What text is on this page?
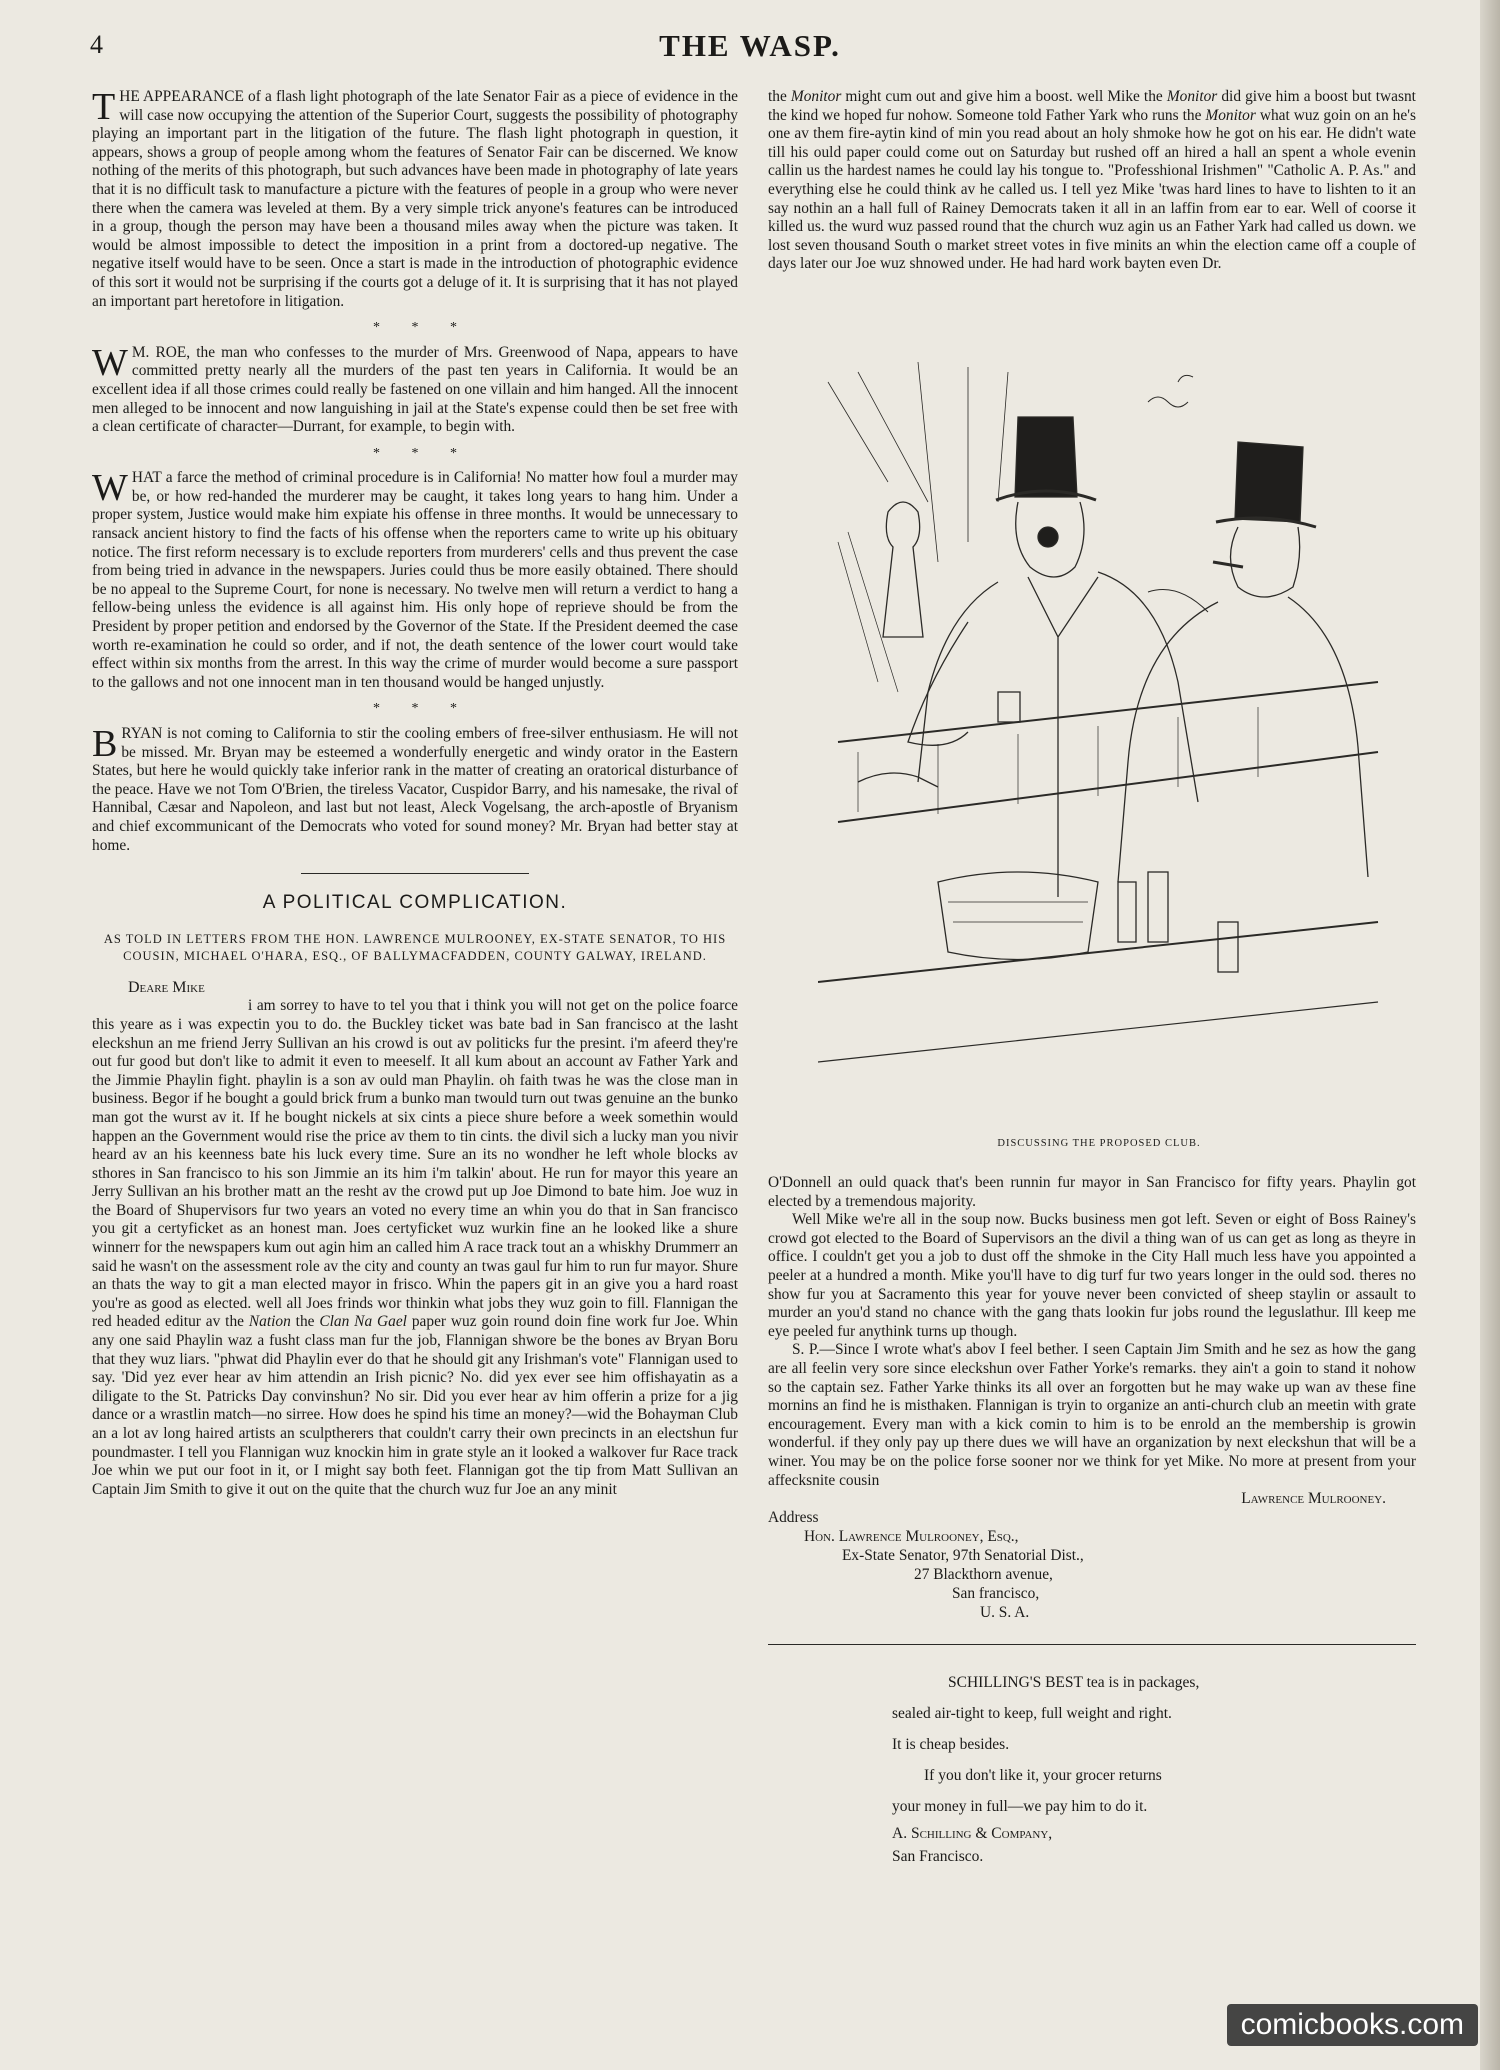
4	THE WASP.

THE APPEARANCE of a flash light photograph of the late Senator Fair as a piece of evidence in the will case now occupying the attention of the Superior Court, suggests the possibility of photography playing an important part in the litigation of the future. The flash light photograph in question, it appears, shows a group of people among whom the features of Senator Fair can be discerned. We know nothing of the merits of this photograph, but such advances have been made in photography of late years that it is no difficult task to manufacture a picture with the features of people in a group who were never there when the camera was leveled at them. By a very simple trick anyone's features can be introduced in a group, though the person may have been a thousand miles away when the picture was taken. It would be almost impossible to detect the imposition in a print from a doctored-up negative. The negative itself would have to be seen. Once a start is made in the introduction of photographic evidence of this sort it would not be surprising if the courts got a deluge of it. It is surprising that it has not played an important part heretofore in litigation.

* * *

W M. ROE, the man who confesses to the murder of Mrs. Greenwood of Napa, appears to have committed pretty nearly all the murders of the past ten years in California. It would be an excellent idea if all those crimes could really be fastened on one villain and him hanged. All the innocent men alleged to be innocent and now languishing in jail at the State's expense could then be set free with a clean certificate of character—Durrant, for example, to begin with.

* * *

WHAT a farce the method of criminal procedure is in California! No matter how foul a murder may be, or how red-handed the murderer may be caught, it takes long years to hang him. Under a proper system, Justice would make him expiate his offense in three months. It would be unnecessary to ransack ancient history to find the facts of his offense when the reporters came to write up his obituary notice. The first reform necessary is to exclude reporters from murderers' cells and thus prevent the case from being tried in advance in the newspapers. Juries could thus be more easily obtained. There should be no appeal to the Supreme Court, for none is necessary. No twelve men will return a verdict to hang a fellow-being unless the evidence is all against him. His only hope of reprieve should be from the President by proper petition and endorsed by the Governor of the State. If the President deemed the case worth re-examination he could so order, and if not, the death sentence of the lower court would take effect within six months from the arrest. In this way the crime of murder would become a sure passport to the gallows and not one innocent man in ten thousand would be hanged unjustly.

* * *

BRYAN is not coming to California to stir the cooling embers of free-silver enthusiasm. He will not be missed. Mr. Bryan may be esteemed a wonderfully energetic and windy orator in the Eastern States, but here he would quickly take inferior rank in the matter of creating an oratorical disturbance of the peace. Have we not Tom O'Brien, the tireless Vacator, Cuspidor Barry, and his namesake, the rival of Hannibal, Cæsar and Napoleon, and last but not least, Aleck Vogelsang, the arch-apostle of Bryanism and chief excommunicant of the Democrats who voted for sound money? Mr. Bryan had better stay at home.

A POLITICAL COMPLICATION.
AS TOLD IN LETTERS FROM THE HON. LAWRENCE MULROONEY, EX-STATE SENATOR, TO HIS COUSIN, MICHAEL O'HARA, ESQ., OF BALLYMACFADDEN, COUNTY GALWAY, IRELAND.
Deare Mike

i am sorrey to have to tel you that i think you will not get on the police foarce this yeare as i was expectin you to do. the Buckley ticket was bate bad in San francisco at the lasht eleckshun an me friend Jerry Sullivan an his crowd is out av politicks fur the presint. i'm afeerd they're out fur good but don't like to admit it even to meeself. It all kum about an account av Father Yark and the Jimmie Phaylin fight. phaylin is a son av ould man Phaylin. oh faith twas he was the close man in business. Begor if he bought a gould brick frum a bunko man twould turn out twas genuine an the bunko man got the wurst av it. If he bought nickels at six cints a piece shure before a week somethin would happen an the Government would rise the price av them to tin cints. the divil sich a lucky man you nivir heard av an his keenness bate his luck every time. Sure an its no wondher he left whole blocks av sthores in San francisco to his son Jimmie an its him i'm talkin' about. He run for mayor this yeare an Jerry Sullivan an his brother matt an the resht av the crowd put up Joe Dimond to bate him. Joe wuz in the Board of Shupervisors fur two years an voted no every time an whin you do that in San francisco you git a certyficket as an honest man. Joes certyficket wuz wurkin fine an he looked like a shure winnerr for the newspapers kum out agin him an called him A race track tout an a whiskhy Drummerr an said he wasn't on the assessment role av the city and county an twas gaul fur him to run fur mayor. Shure an thats the way to git a man elected mayor in frisco. Whin the papers git in an give you a hard roast you're as good as elected. well all Joes frinds wor thinkin what jobs they wuz goin to fill. Flannigan the red headed editur av the Nation the Clan Na Gael paper wuz goin round doin fine work fur Joe. Whin any one said Phaylin waz a fusht class man fur the job, Flannigan shwore be the bones av Bryan Boru that they wuz liars. "phwat did Phaylin ever do that he should git any Irishman's vote" Flannigan used to say. 'Did yez ever hear av him attendin an Irish picnic? No. did yex ever see him offishayatin as a diligate to the St. Patricks Day convinshun? No sir. Did you ever hear av him offerin a prize for a jig dance or a wrastlin match—no sirree. How does he spind his time an money?—wid the Bohayman Club an a lot av long haired artists an sculptherers that couldn't carry their own precincts in an electshun fur poundmaster. I tell you Flannigan wuz knockin him in grate style an it looked a walkover fur Race track Joe whin we put our foot in it, or I might say both feet. Flannigan got the tip from Matt Sullivan an Captain Jim Smith to give it out on the quite that the church wuz fur Joe an any minit

the Monitor might cum out and give him a boost. well Mike the Monitor did give him a boost but twasnt the kind we hoped fur nohow. Someone told Father Yark who runs the Monitor what wuz goin on an he's one av them fire-aytin kind of min you read about an holy shmoke how he got on his ear. He didn't wate till his ould paper could come out on Saturday but rushed off an hired a hall an spent a whole evenin callin us the hardest names he could lay his tongue to. "Professhional Irishmen" "Catholic A. P. As." and everything else he could think av he called us. I tell yez Mike 'twas hard lines to have to lishten to it an say nothin an a hall full of Rainey Democrats taken it all in an laffin from ear to ear. Well of coorse it killed us. the wurd wuz passed round that the church wuz agin us an Father Yark had called us down. we lost seven thousand South o market street votes in five minits an whin the election came off a couple of days later our Joe wuz shnowed under. He had hard work bayten even Dr.

DISCUSSING THE PROPOSED CLUB.

O'Donnell an ould quack that's been runnin fur mayor in San Francisco for fifty years. Phaylin got elected by a tremendous majority.

Well Mike we're all in the soup now. Bucks business men got left. Seven or eight of Boss Rainey's crowd got elected to the Board of Supervisors an the divil a thing wan of us can get as long as theyre in office. I couldn't get you a job to dust off the shmoke in the City Hall much less have you appointed a peeler at a hundred a month. Mike you'll have to dig turf fur two years longer in the ould sod. theres no show fur you at Sacramento this year for youve never been convicted of sheep staylin or assault to murder an you'd stand no chance with the gang thats lookin fur jobs round the leguslathur. Ill keep me eye peeled fur anythink turns up though.

S. P.—Since I wrote what's abov I feel bether. I seen Captain Jim Smith and he sez as how the gang are all feelin very sore since eleckshun over Father Yorke's remarks. they ain't a goin to stand it nohow so the captain sez. Father Yarke thinks its all over an forgotten but he may wake up wan av these fine mornins an find he is misthaken. Flannigan is tryin to organize an anti-church club an meetin with grate encouragement. Every man with a kick comin to him is to be enrold an the membership is growin wonderful. if they only pay up there dues we will have an organization by next eleckshun that will be a winer. You may be on the police forse sooner nor we think for yet Mike. No more at present from your affecksnite cousin

Lawrence Mulrooney.
Address
Hon. Lawrence Mulrooney, Esq.,
Ex-State Senator, 97th Senatorial Dist.,
27 Blackthorn avenue,
San francisco,
U. S. A.
SCHILLING'S BEST tea is in packages,
sealed air-tight to keep, full weight and right.
It is cheap besides.
If you don't like it, your grocer returns
your money in full—we pay him to do it.
A. Schilling & Company,
San Francisco.
comicbooks.com
